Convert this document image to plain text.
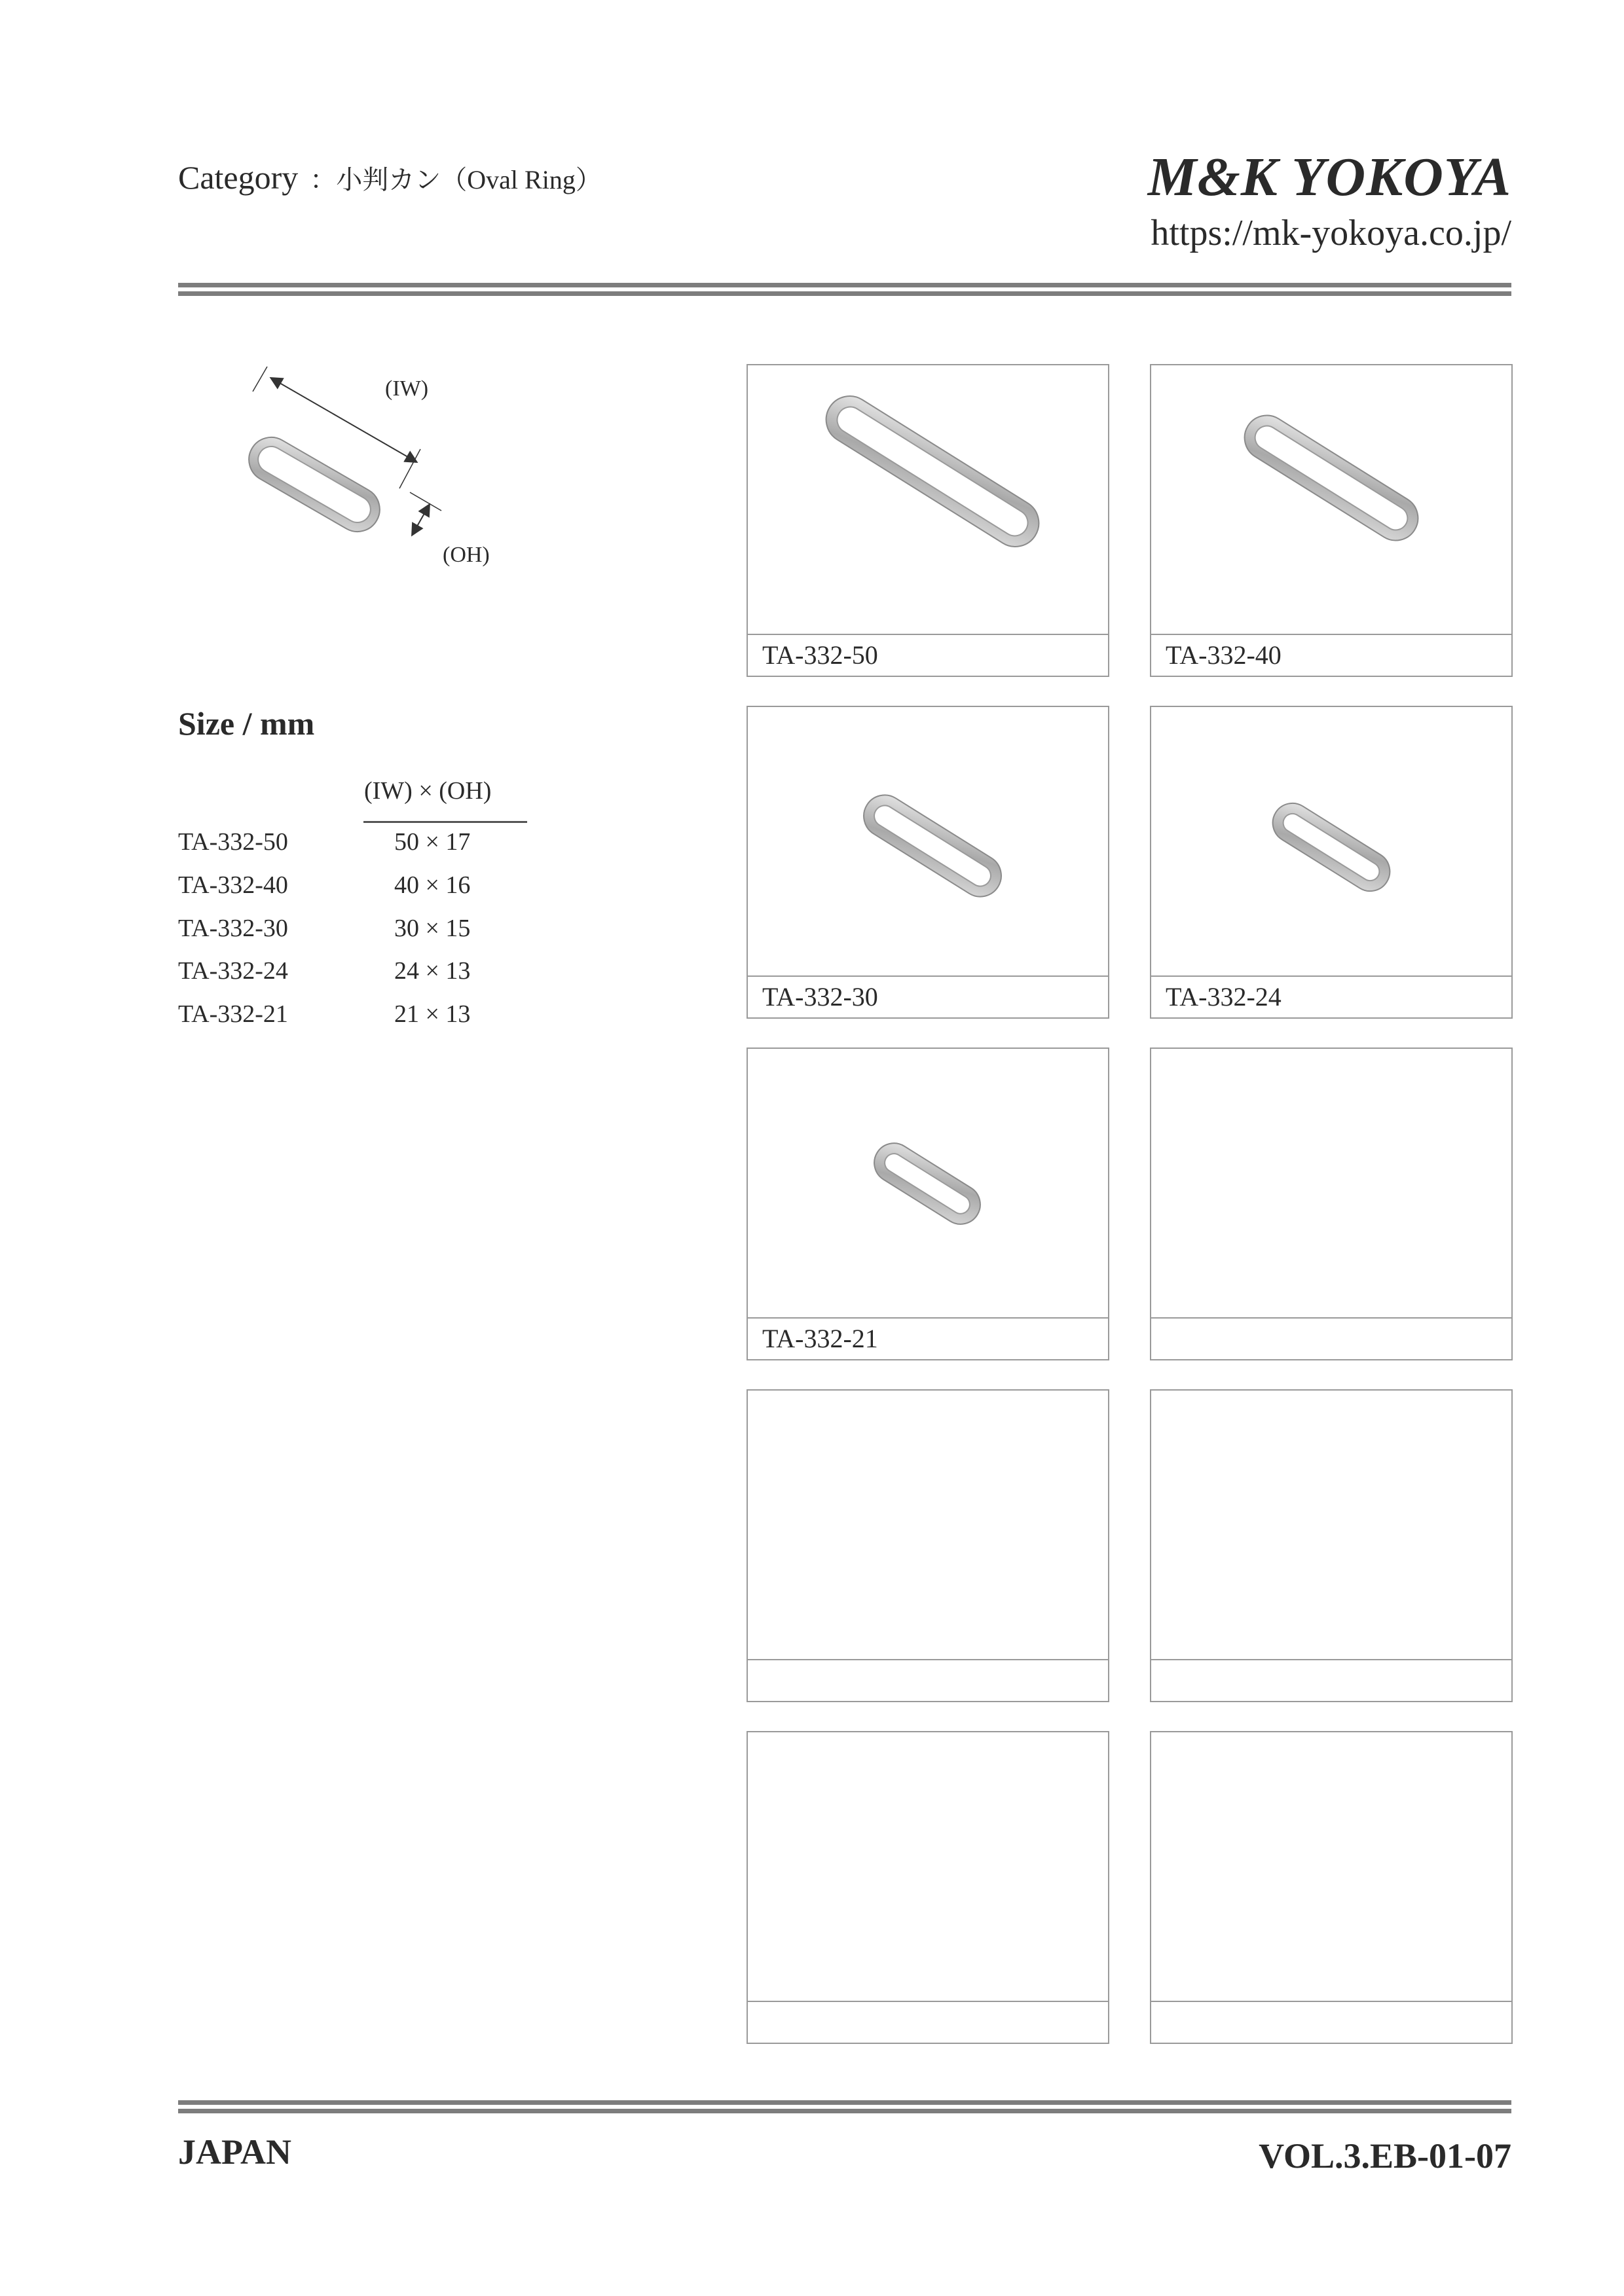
Category ：小判カン（Oval Ring）	M&K YOKOYA
https://mk-yokoya.co.jp/
(IW)
(OH)
Size / mm
(IW) × (OH)
TA-332-50	50 × 17
TA-332-40	40 × 16
TA-332-30	30 × 15
TA-332-24	24 × 13
TA-332-21	21 × 13
TA-332-50	TA-332-40
TA-332-30	TA-332-24
TA-332-21
JAPAN	VOL.3.EB-01-07
